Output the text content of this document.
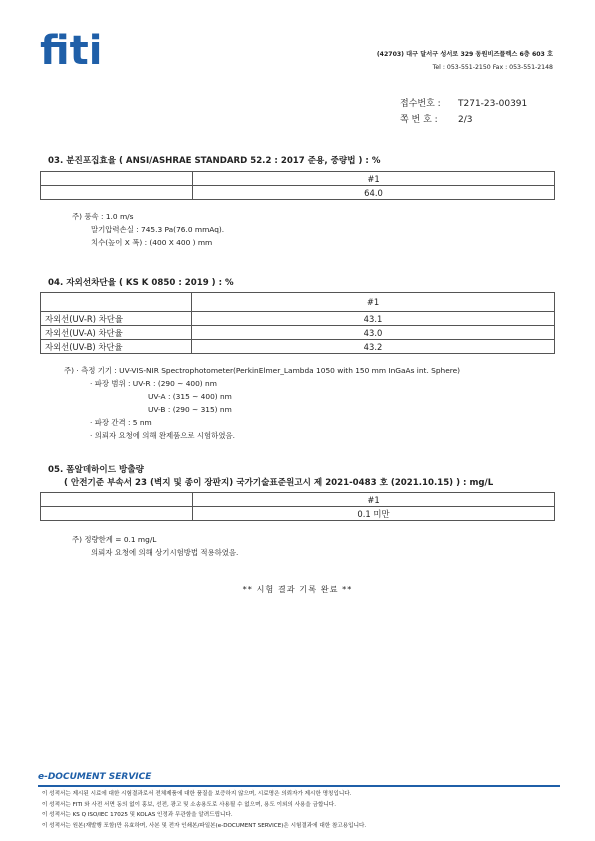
fiti	(42703) 대구 달서구 성서로 329 동원비즈플렉스 6층 603 호
Tel : 053-551-2150 Fax : 053-551-2148
접수번호 :	T271-23-00391
쪽 번 호 :	2/3
03. 분진포집효율 ( ANSI/ASHRAE STANDARD 52.2 : 2017 준용, 중량법 ) : %
	#1
	64.0
주) 풍속 : 1.0 m/s
말기압력손실 : 745.3 Pa(76.0 mmAq).
치수(높이 X 폭) : (400 X 400 ) mm
04. 자외선차단율 ( KS K 0850 : 2019 ) : %
	#1
자외선(UV-R) 차단율	43.1
자외선(UV-A) 차단율	43.0
자외선(UV-B) 차단율	43.2
주) · 측정 기기 : UV-VIS-NIR Spectrophotometer(PerkinElmer_Lambda 1050 with 150 mm InGaAs int. Sphere)
· 파장 범위 : UV-R : (290 ~ 400) nm
UV-A : (315 ~ 400) nm
UV-B : (290 ~ 315) nm
· 파장 간격 : 5 nm
· 의뢰자 요청에 의해 완제품으로 시험하였음.
05. 폼알데하이드 방출량
( 안전기준 부속서 23 (벽지 및 종이 장판지) 국가기술표준원고시 제 2021-0483 호 (2021.10.15) ) : mg/L
	#1
	0.1 미만
주) 정량한계 = 0.1 mg/L
의뢰자 요청에 의해 상기시험방법 적용하였음.
** 시험 결과 기록 완료 **
e-DOCUMENT SERVICE
이 성적서는 제시된 시료에 대한 시험결과로서 전체제품에 대한 품질을 보증하지 않으며, 시료명은 의뢰자가 제시한 명칭입니다.
이 성적서는 FITI 와 사전 서면 동의 없이 홍보, 선전, 광고 및 소송용도로 사용될 수 없으며, 용도 이외의 사용을 금합니다.
이 성적서는 KS Q ISO/IEC 17025 및 KOLAS 인정과 무관함을 알려드립니다.
이 성적서는 원본(재발행 포함)만 유효하며, 사본 및 전자 인쇄본/파일본(e-DOCUMENT SERVICE)은 시험결과에 대한 참고용입니다.
